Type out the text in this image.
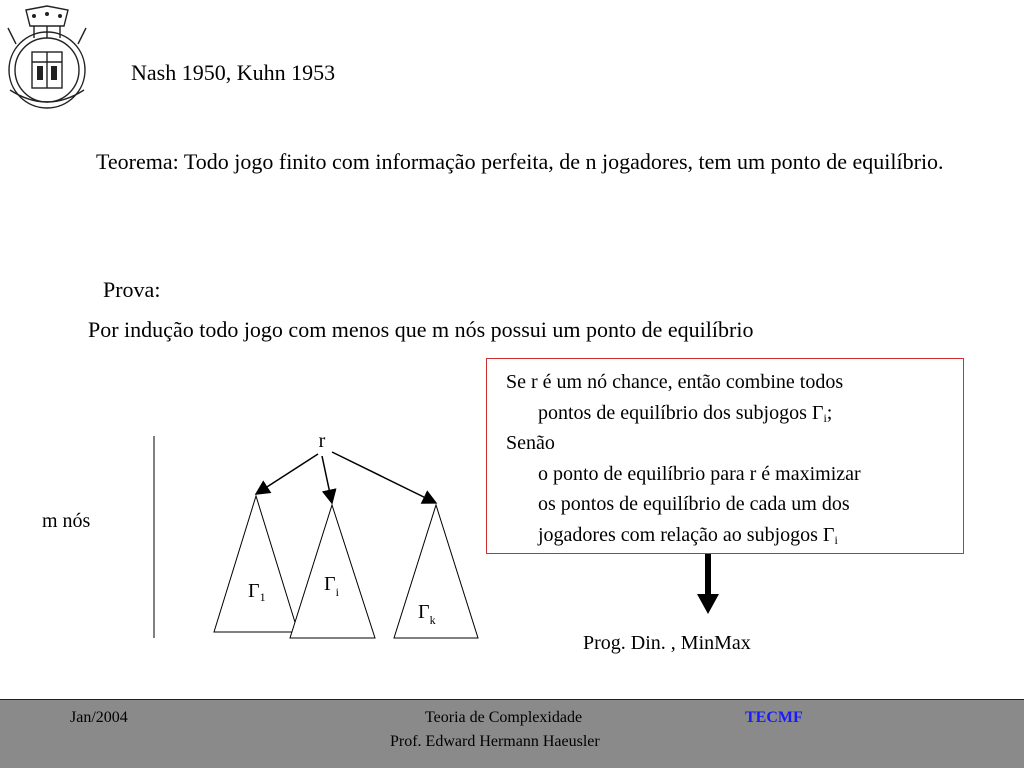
Nash 1950, Kuhn 1953
Teorema: Todo jogo finito com informação perfeita, de n jogadores, tem um ponto de equilíbrio.
Prova:
Por indução todo jogo com menos que m nós possui um ponto de equilíbrio
Se r é um nó chance, então combine todos
pontos de equilíbrio dos subjogos $\Gamma_i$;
Senão
o ponto de equilíbrio para r é maximizar
os pontos de equilíbrio de cada um dos
jogadores com relação ao subjogos $\Gamma_i$
r
$\Gamma_1$
$\Gamma_i$
$\Gamma_k$
m nós
Prog. Din. , MinMax
Jan/2004	Teoria de Complexidade	TECMF
Prof. Edward Hermann Haeusler
